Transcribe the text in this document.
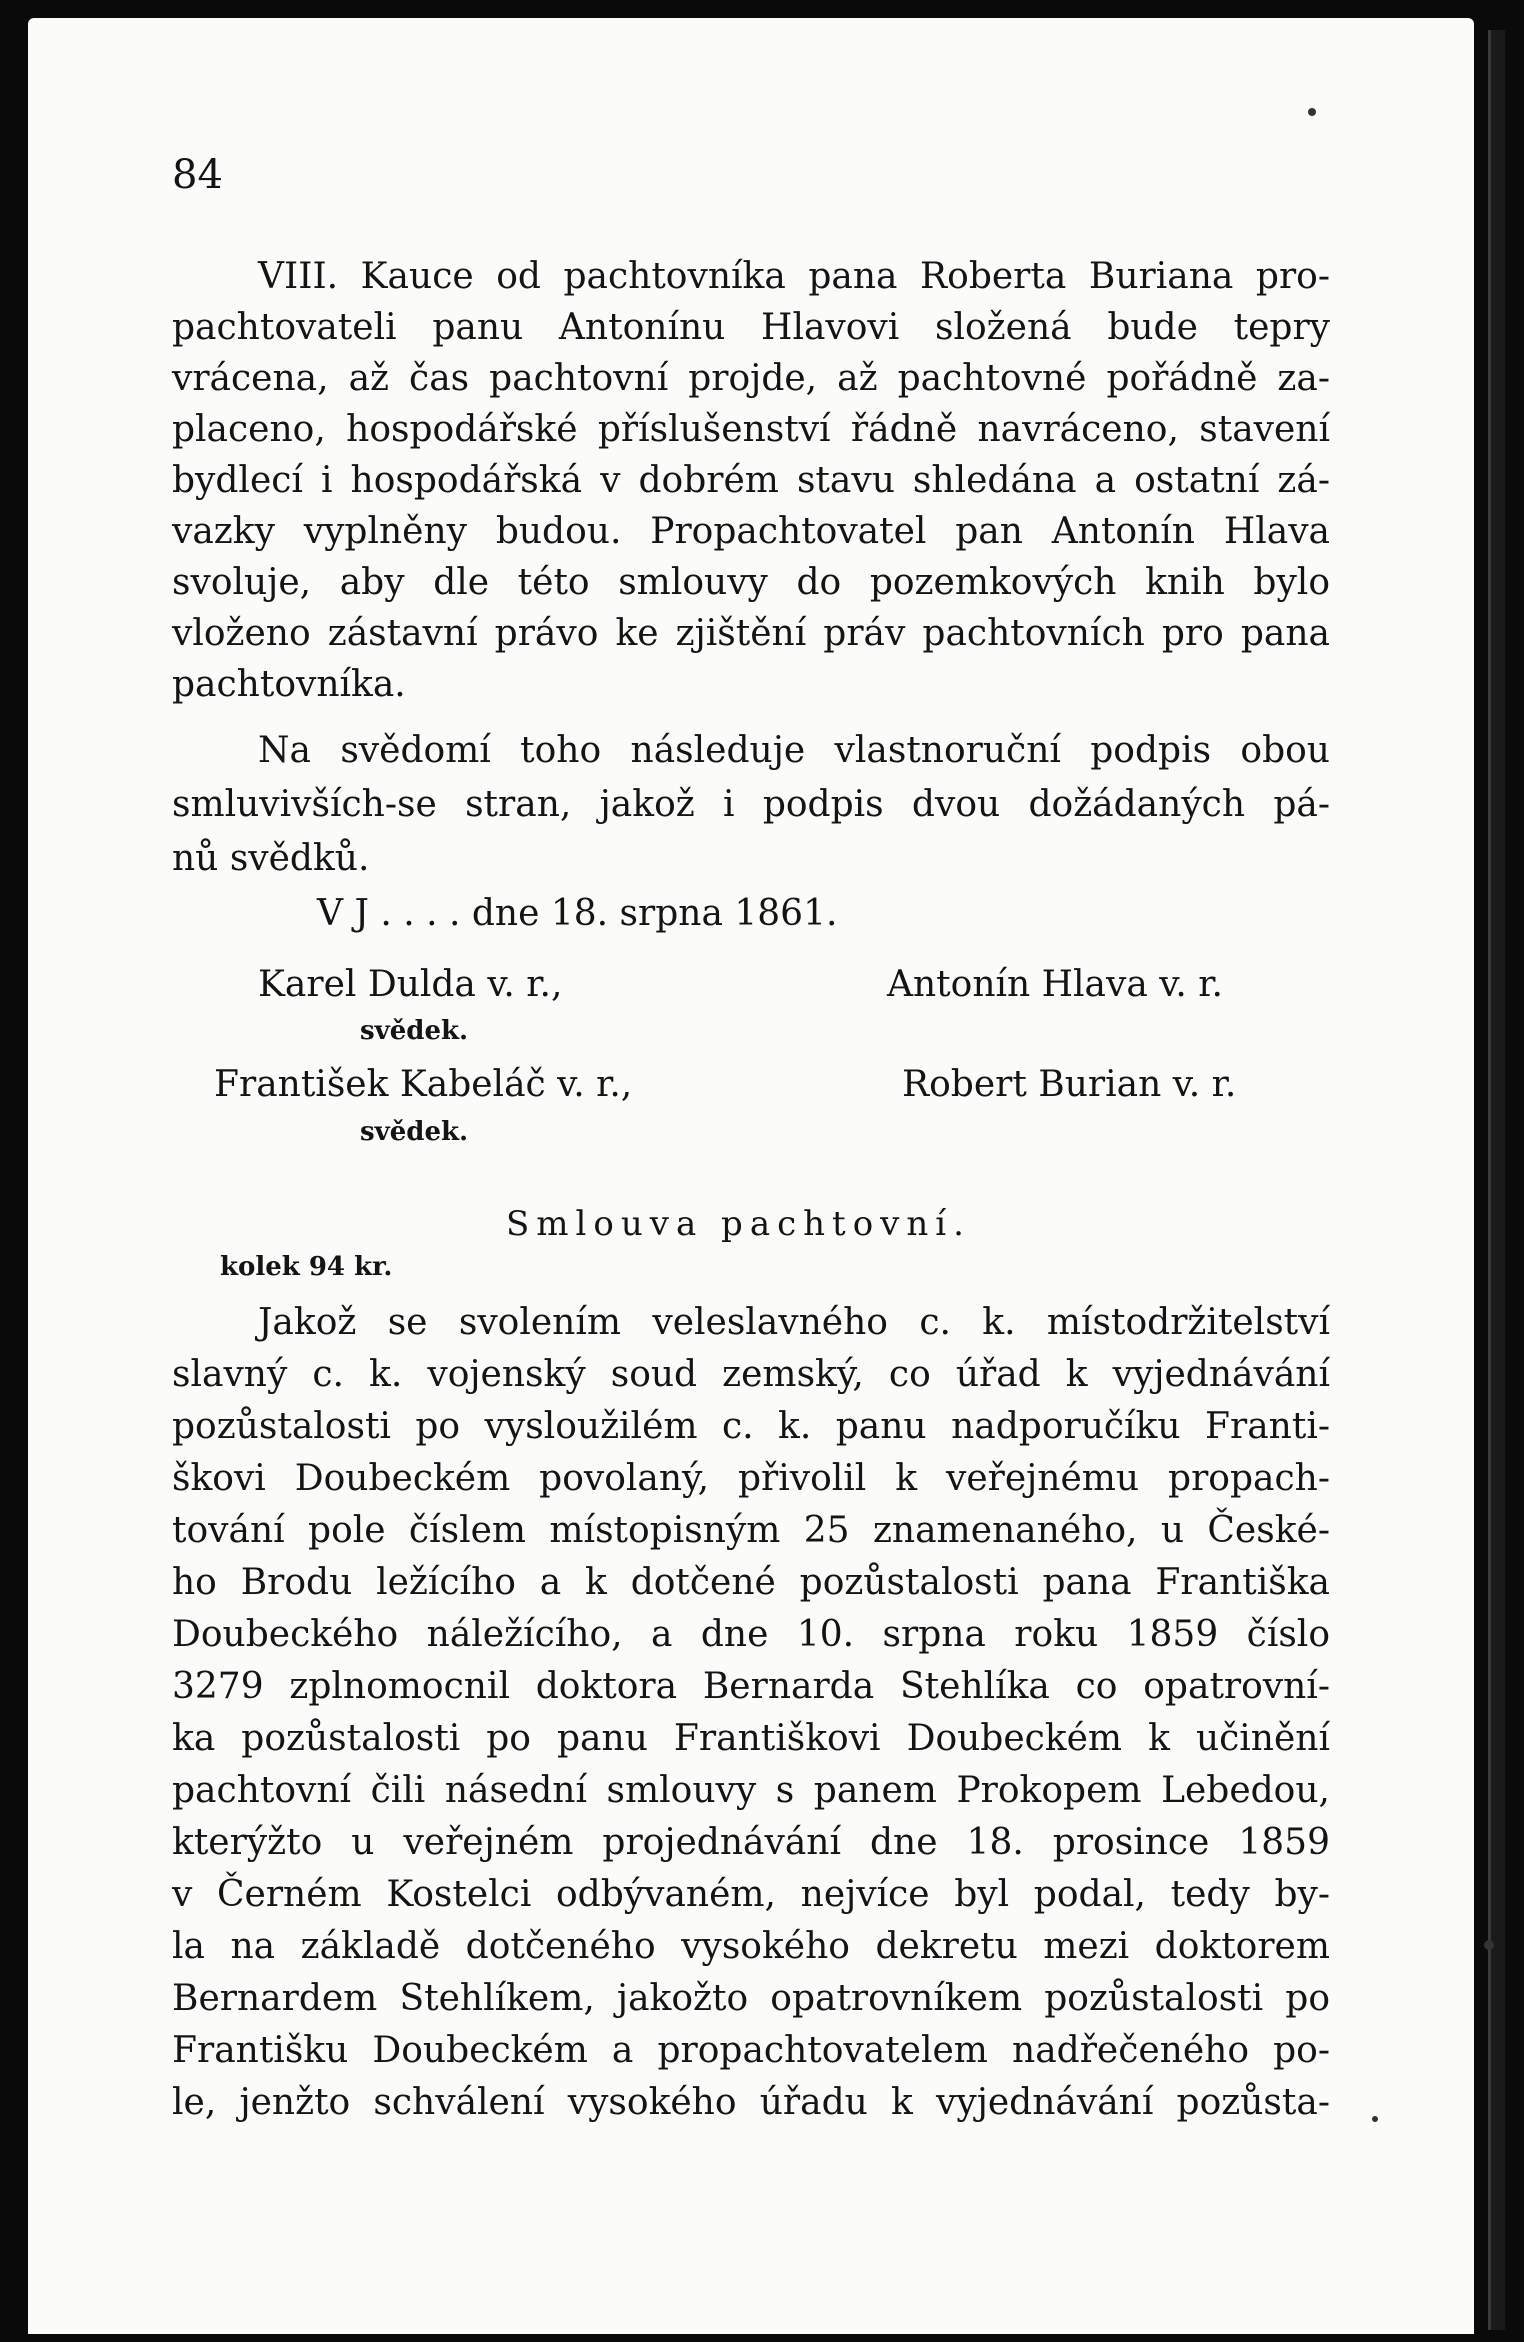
84
VIII. Kauce od pachtovníka pana Roberta Buriana pro-
pachtovateli panu Antonínu Hlavovi složená bude tepry
vrácena, až čas pachtovní projde, až pachtovné pořádně za-
placeno, hospodářské příslušenství řádně navráceno, stavení
bydlecí i hospodářská v dobrém stavu shledána a ostatní zá-
vazky vyplněny budou. Propachtovatel pan Antonín Hlava
svoluje, aby dle této smlouvy do pozemkových knih bylo
vloženo zástavní právo ke zjištění práv pachtovních pro pana
pachtovníka.
Na svědomí toho následuje vlastnoruční podpis obou
smluvivších-se stran, jakož i podpis dvou dožádaných pá-
nů svědků.
V J . . . . dne 18. srpna 1861.
Karel Dulda v. r.,
svědek.
Antonín Hlava v. r.
František Kabeláč v. r.,
svědek.
Robert Burian v. r.
Smlouva pachtovní.
kolek 94 kr.
Jakož se svolením veleslavného c. k. místodržitelství
slavný c. k. vojenský soud zemský, co úřad k vyjednávání
pozůstalosti po vysloužilém c. k. panu nadporučíku Franti-
škovi Doubeckém povolaný, přivolil k veřejnému propach-
tování pole číslem místopisným 25 znamenaného, u České-
ho Brodu ležícího a k dotčené pozůstalosti pana Františka
Doubeckého náležícího, a dne 10. srpna roku 1859 číslo
3279 zplnomocnil doktora Bernarda Stehlíka co opatrovní-
ka pozůstalosti po panu Františkovi Doubeckém k učinění
pachtovní čili násední smlouvy s panem Prokopem Lebedou,
kterýžto u veřejném projednávání dne 18. prosince 1859
v Černém Kostelci odbývaném, nejvíce byl podal, tedy by-
la na základě dotčeného vysokého dekretu mezi doktorem
Bernardem Stehlíkem, jakožto opatrovníkem pozůstalosti po
Františku Doubeckém a propachtovatelem nadřečeného po-
le, jenžto schválení vysokého úřadu k vyjednávání pozůsta-
